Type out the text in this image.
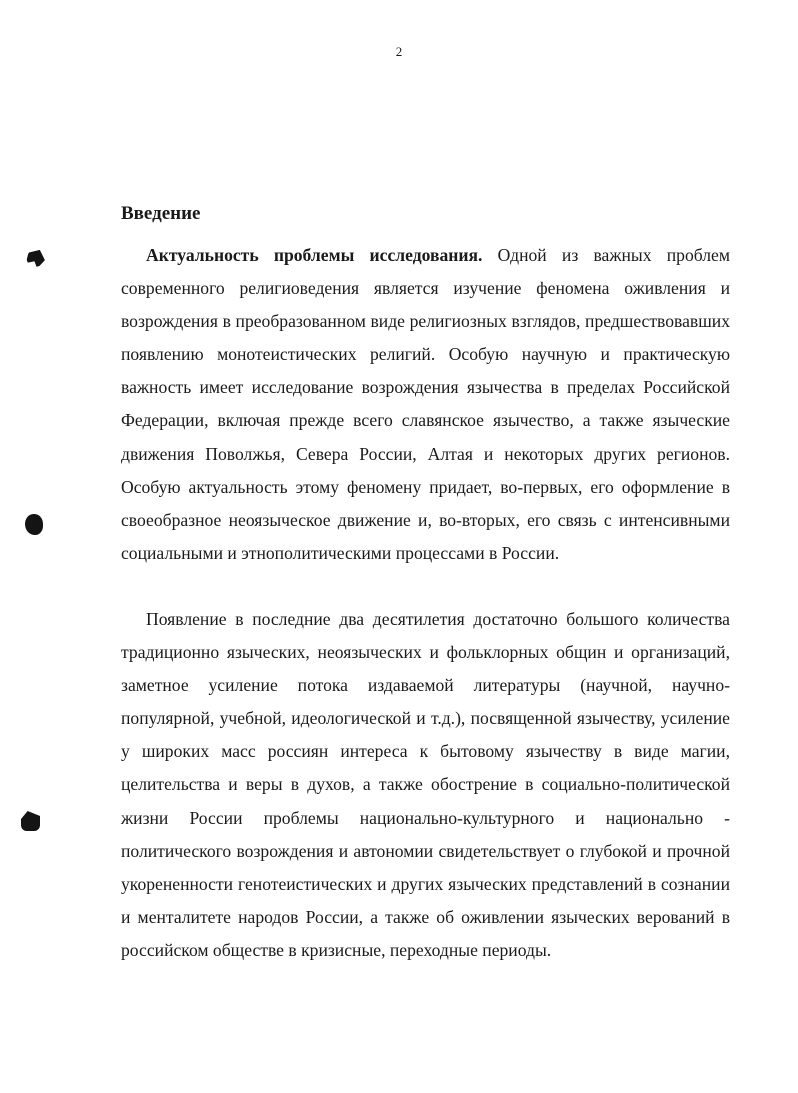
2
Введение

Актуальность проблемы исследования. Одной из важных проблем современного религиоведения является изучение феномена оживления и возрождения в преобразованном виде религиозных взглядов, предшествовавших появлению монотеистических религий. Особую научную и практическую важность имеет исследование возрождения язычества в пределах Российской Федерации, включая прежде всего славянское язычество, а также языческие движения Поволжья, Севера России, Алтая и некоторых других регионов. Особую актуальность этому феномену придает, во-первых, его оформление в своеобразное неоязыческое движение и, во-вторых, его связь с интенсивными социальными и этнополитическими процессами в России.

Появление в последние два десятилетия достаточно большого количества традиционно языческих, неоязыческих и фольклорных общин и организаций, заметное усиление потока издаваемой литературы (научной, научно-популярной, учебной, идеологической и т.д.), посвященной язычеству, усиление у широких масс россиян интереса к бытовому язычеству в виде магии, целительства и веры в духов, а также обострение в социально-политической жизни России проблемы национально-культурного и национально - политического возрождения и автономии свидетельствует о глубокой и прочной укорененности генотеистических и других языческих представлений в сознании и менталитете народов России, а также об оживлении языческих верований в российском обществе в кризисные, переходные периоды.
